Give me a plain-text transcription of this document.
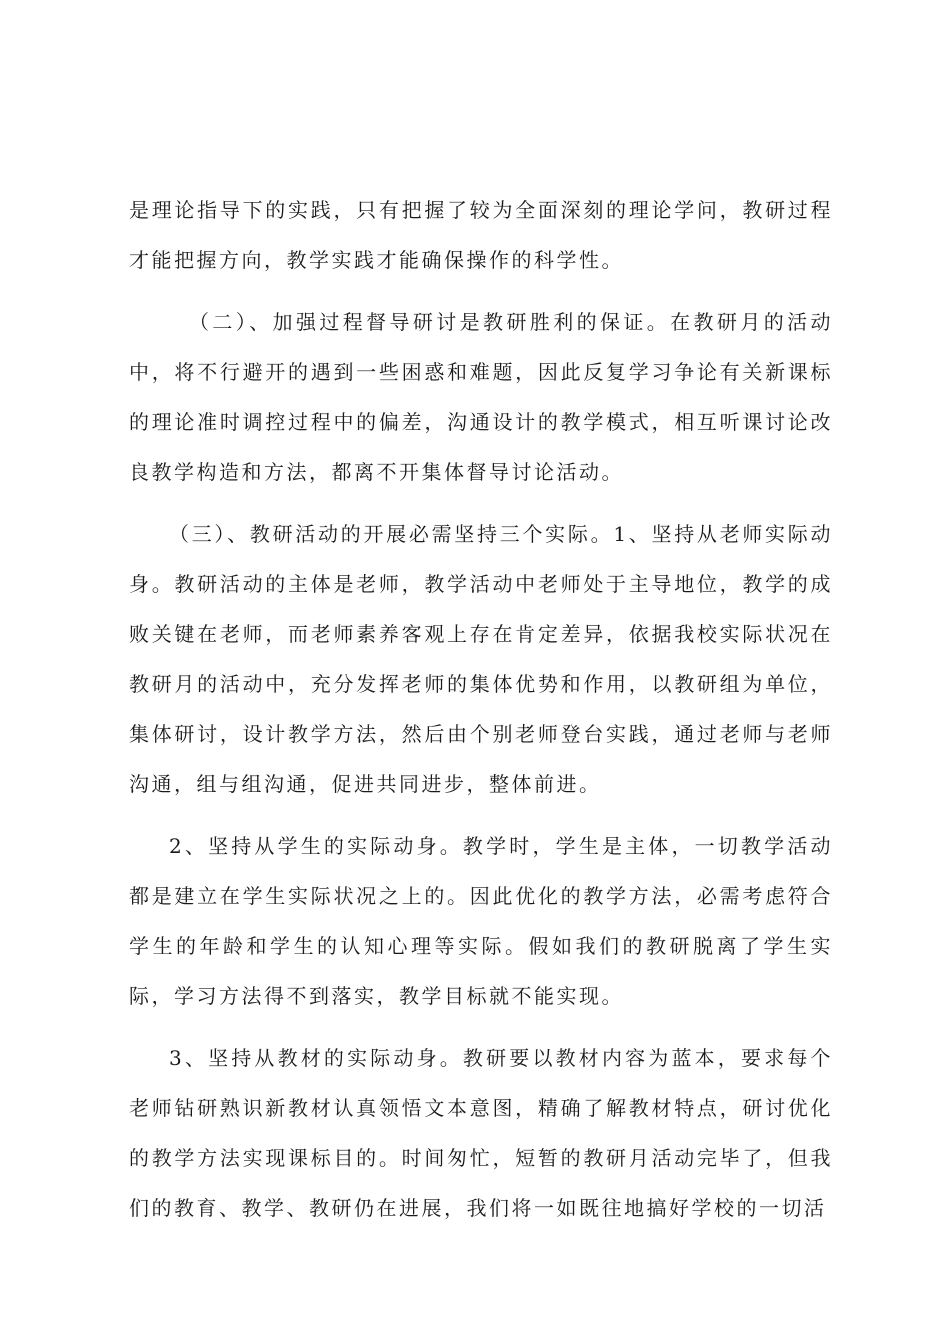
是理论指导下的实践，只有把握了较为全面深刻的理论学问，教研过程才能把握方向，教学实践才能确保操作的科学性。

（二）、加强过程督导研讨是教研胜利的保证。在教研月的活动中，将不行避开的遇到一些困惑和难题，因此反复学习争论有关新课标的理论准时调控过程中的偏差，沟通设计的教学模式，相互听课讨论改良教学构造和方法，都离不开集体督导讨论活动。

（三）、教研活动的开展必需坚持三个实际。1、坚持从老师实际动身。教研活动的主体是老师，教学活动中老师处于主导地位，教学的成败关键在老师，而老师素养客观上存在肯定差异，依据我校实际状况在教研月的活动中，充分发挥老师的集体优势和作用，以教研组为单位，集体研讨，设计教学方法，然后由个别老师登台实践，通过老师与老师沟通，组与组沟通，促进共同进步，整体前进。

2、坚持从学生的实际动身。教学时，学生是主体，一切教学活动都是建立在学生实际状况之上的。因此优化的教学方法，必需考虑符合学生的年龄和学生的认知心理等实际。假如我们的教研脱离了学生实际，学习方法得不到落实，教学目标就不能实现。

3、坚持从教材的实际动身。教研要以教材内容为蓝本，要求每个老师钻研熟识新教材认真领悟文本意图，精确了解教材特点，研讨优化的教学方法实现课标目的。时间匆忙，短暂的教研月活动完毕了，但我们的教育、教学、教研仍在进展，我们将一如既往地搞好学校的一切活
